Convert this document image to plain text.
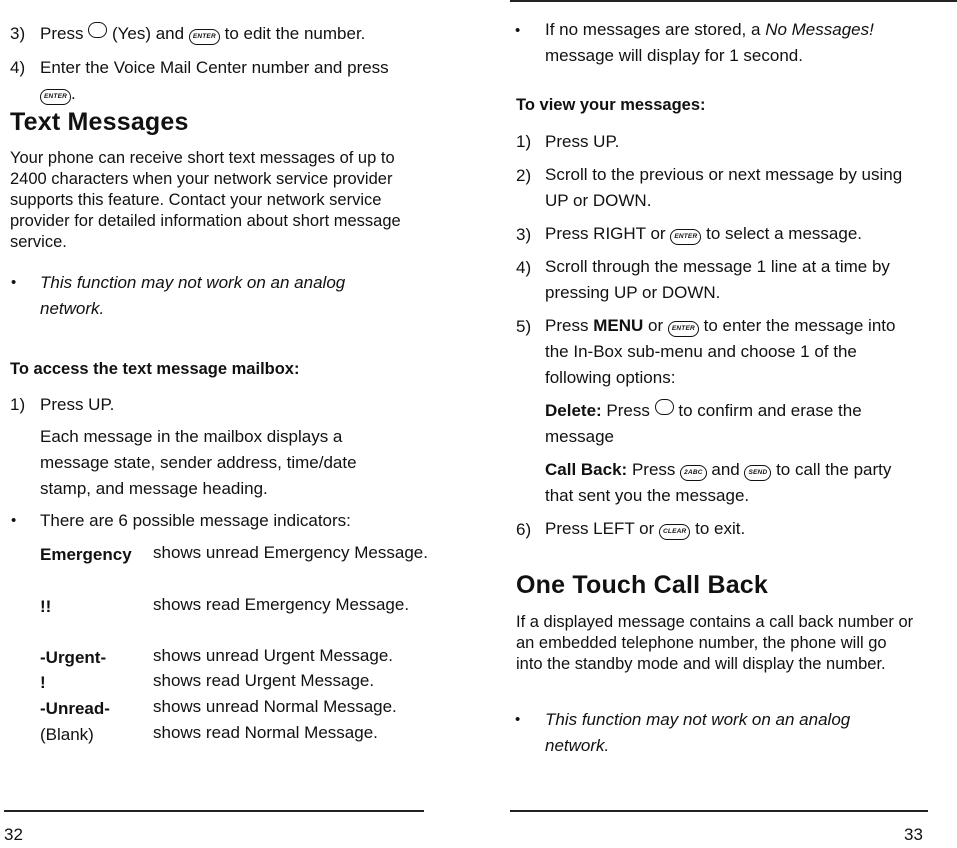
3) Press (Yes) and ENTER to edit the number.
4) Enter the Voice Mail Center number and press
ENTER .
Text Messages
Your phone can receive short text messages of up to 2400 characters when your network service provider supports this feature. Contact your network service provider for detailed information about short message service.
• This function may not work on an analog network.
To access the text message mailbox:
1) Press UP.
Each message in the mailbox displays a message state, sender address, time/date stamp, and message heading.
• There are 6 possible message indicators:
Emergency shows unread Emergency Message.
!!	shows read Emergency Message.
-Urgent-	shows unread Urgent Message.
!	shows read Urgent Message.
-Unread-	shows unread Normal Message.
(Blank)	shows read Normal Message.
32
• If no messages are stored, a No Messages! message will display for 1 second.
To view your messages:
1) Press UP.
2) Scroll to the previous or next message by using UP or DOWN.
3) Press RIGHT or ENTER to select a message.
4) Scroll through the message 1 line at a time by pressing UP or DOWN.
5) Press MENU or ENTER to enter the message into the In-Box sub-menu and choose 1 of the following options:
Delete: Press to confirm and erase the message
Call Back: Press 2ABC and SEND to call the party that sent you the message.
6) Press LEFT or CLEAR to exit.
One Touch Call Back
If a displayed message contains a call back number or an embedded telephone number, the phone will go into the standby mode and will display the number.
• This function may not work on an analog network.
33
